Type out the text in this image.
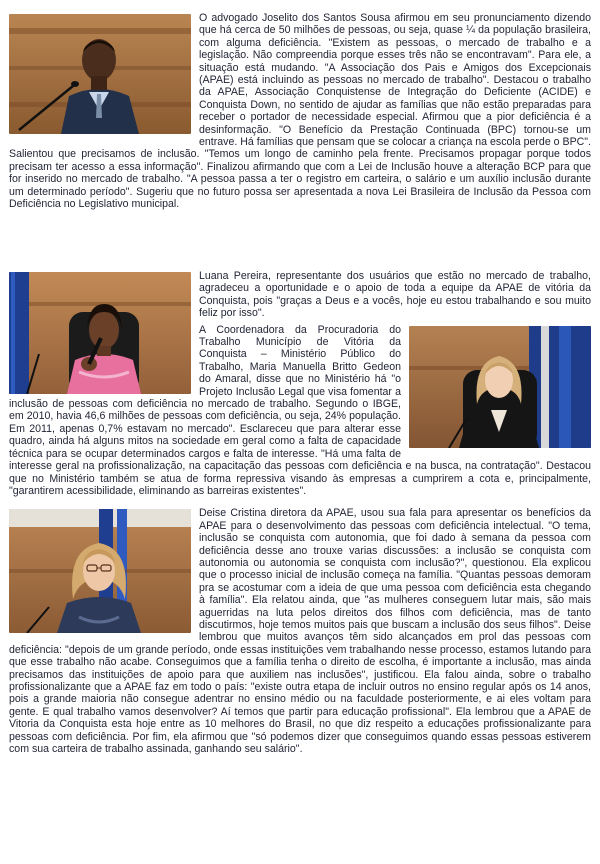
O advogado Joselito dos Santos Sousa afirmou em seu pronunciamento dizendo que há cerca de 50 milhões de pessoas, ou seja, quase ¼ da população brasileira, com alguma deficiência. "Existem as pessoas, o mercado de trabalho e a legislação. Não compreendia porque esses três não se encontravam". Para ele, a situação está mudando. "A Associação dos Pais e Amigos dos Excepcionais (APAE) está incluindo as pessoas no mercado de trabalho". Destacou o trabalho da APAE, Associação Conquistense de Integração do Deficiente (ACIDE) e Conquista Down, no sentido de ajudar as famílias que não estão preparadas para receber o portador de necessidade especial. Afirmou que a pior deficiência é a desinformação. "O Benefício da Prestação Continuada (BPC) tornou-se um entrave. Há famílias que pensam que se colocar a criança na escola perde o BPC". Salientou que precisamos de inclusão. "Temos um longo de caminho pela frente. Precisamos propagar porque todos precisam ter acesso a essa informação". Finalizou afirmando que com a Lei de Inclusão houve a alteração BCP para que for inserido no mercado de trabalho. "A pessoa passa a ter o registro em carteira, o salário e um auxílio inclusão durante um determinado período". Sugeriu que no futuro possa ser apresentada a nova Lei Brasileira de Inclusão da Pessoa com Deficiência no Legislativo municipal.

Luana Pereira, representante dos usuários que estão no mercado de trabalho, agradeceu a oportunidade e o apoio de toda a equipe da APAE de vitória da Conquista, pois "graças a Deus e a vocês, hoje eu estou trabalhando e sou muito feliz por isso".

A Coordenadora da Procuradoria do Trabalho Município de Vitória da Conquista – Ministério Público do Trabalho, Maria Manuella Britto Gedeon do Amaral, disse que no Ministério há "o Projeto Inclusão Legal que visa fomentar a inclusão de pessoas com deficiência no mercado de trabalho. Segundo o IBGE, em 2010, havia 46,6 milhões de pessoas com deficiência, ou seja, 24% população. Em 2011, apenas 0,7% estavam no mercado". Esclareceu que para alterar esse quadro, ainda há alguns mitos na sociedade em geral como a falta de capacidade técnica para se ocupar determinados cargos e falta de interesse. "Há uma falta de interesse geral na profissionalização, na capacitação das pessoas com deficiência e na busca, na contratação". Destacou que no Ministério também se atua de forma repressiva visando às empresas a cumprirem a cota e, principalmente, "garantirem acessibilidade, eliminando as barreiras existentes".

Deise Cristina diretora da APAE, usou sua fala para apresentar os benefícios da APAE para o desenvolvimento das pessoas com deficiência intelectual. "O tema, inclusão se conquista com autonomia, que foi dado à semana da pessoa com deficiência desse ano trouxe varias discussões: a inclusão se conquista com autonomia ou autonomia se conquista com inclusão?", questionou. Ela explicou que o processo inicial de inclusão começa na família. "Quantas pessoas demoram pra se acostumar com a ideia de que uma pessoa com deficiência esta chegando à família". Ela relatou ainda, que "as mulheres conseguem lutar mais, são mais aguerridas na luta pelos direitos dos filhos com deficiência, mas de tanto discutirmos, hoje temos muitos pais que buscam a inclusão dos seus filhos". Deise lembrou que muitos avanços têm sido alcançados em prol das pessoas com deficiência: "depois de um grande período, onde essas instituições vem trabalhando nesse processo, estamos lutando para que esse trabalho não acabe. Conseguimos que a família tenha o direito de escolha, é importante a inclusão, mas ainda precisamos das instituições de apoio para que auxiliem nas inclusões", justificou. Ela falou ainda, sobre o trabalho profissionalizante que a APAE faz em todo o país: "existe outra etapa de incluir outros no ensino regular após os 14 anos, pois a grande maioria não consegue adentrar no ensino médio ou na faculdade posteriormente, e ai eles voltam para gente. E qual trabalho vamos desenvolver? Aí temos que partir para educação profissional". Ela lembrou que a APAE de Vitoria da Conquista esta hoje entre as 10 melhores do Brasil, no que diz respeito a educações profissionalizante para pessoas com deficiência. Por fim, ela afirmou que "só podemos dizer que conseguimos quando essas pessoas estiverem com sua carteira de trabalho assinada, ganhando seu salário".
